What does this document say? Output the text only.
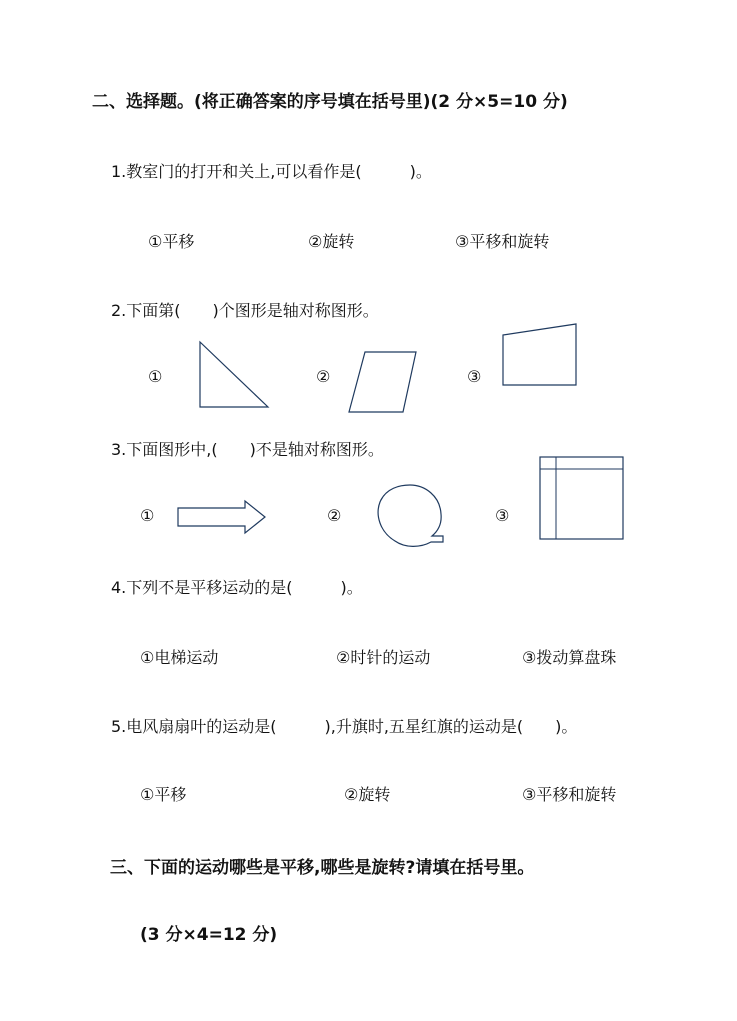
二、选择题。(将正确答案的序号填在括号里)(2 分×5=10 分)
1.教室门的打开和关上,可以看作是(　　　)。
①平移	②旋转	③平移和旋转
2.下面第(　　)个图形是轴对称图形。
①	②	③
3.下面图形中,(　　)不是轴对称图形。
①	②	③
4.下列不是平移运动的是(　　　)。
①电梯运动	②时针的运动	③拨动算盘珠
5.电风扇扇叶的运动是(　　　),升旗时,五星红旗的运动是(　　)。
①平移	②旋转	③平移和旋转
三、下面的运动哪些是平移,哪些是旋转?请填在括号里。
(3 分×4=12 分)
